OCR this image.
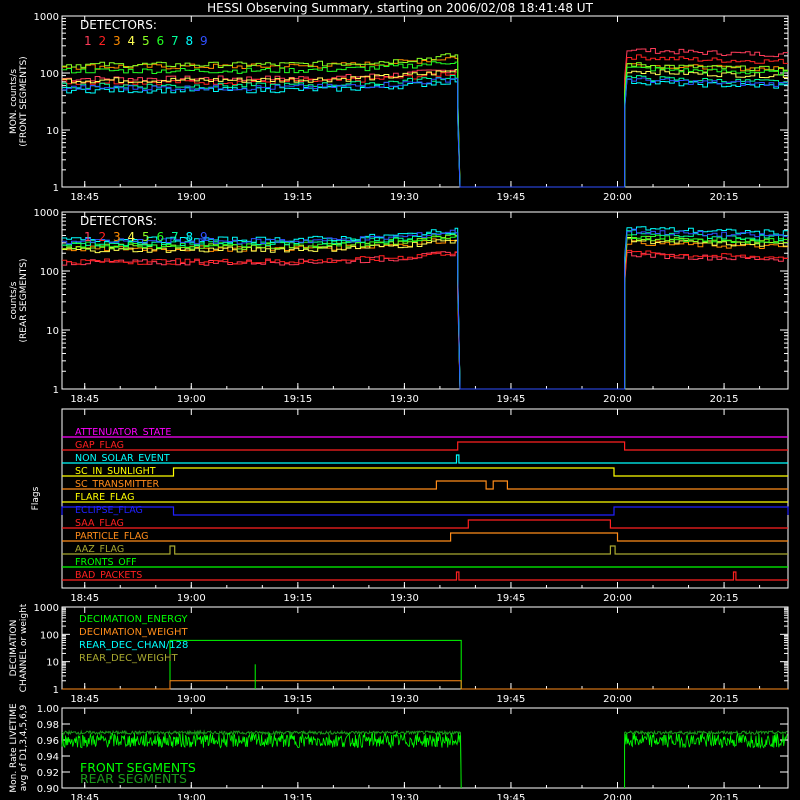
HESSI Observing Summary, starting on 2006/02/08 18:41:48 UT
18:45	19:00	19:15	19:30	19:45	20:00	20:15
MON. counts/s (FRONT SEGMENTS)
1
10
100
1000
DETECTORS:
1 2 3 4 5 6 7 8 9
18:45	19:00	19:15	19:30	19:45	20:00	20:15
counts/s (REAR SEGMENTS)
1
10
100
1000
DETECTORS:
1 2 3 4 5 6 7 8 9
18:45	19:00	19:15	19:30	19:45	20:00	20:15
Flags
ATTENUATOR_STATE
GAP_FLAG
NON_SOLAR_EVENT
SC_IN_SUNLIGHT
SC_TRANSMITTER
FLARE_FLAG
ECLIPSE_FLAG
SAA_FLAG
PARTICLE_FLAG
AAZ_FLAG
FRONTS_OFF
BAD_PACKETS
18:45	19:00	19:15	19:30	19:45	20:00	20:15
DECIMATION CHANNEL or weight 1
10
100
1000
DECIMATION_ENERGY
DECIMATION_WEIGHT
REAR_DEC_CHAN/128
REAR_DEC_WEIGHT
18:45	19:00	19:15	19:30	19:45	20:00	20:15
Mon. Rate LIVETIME avg of D1,3,4,5,6,9 0.90
0.92
0.94
0.96
0.98
1.00
FRONT SEGMENTS
REAR SEGMENTS
